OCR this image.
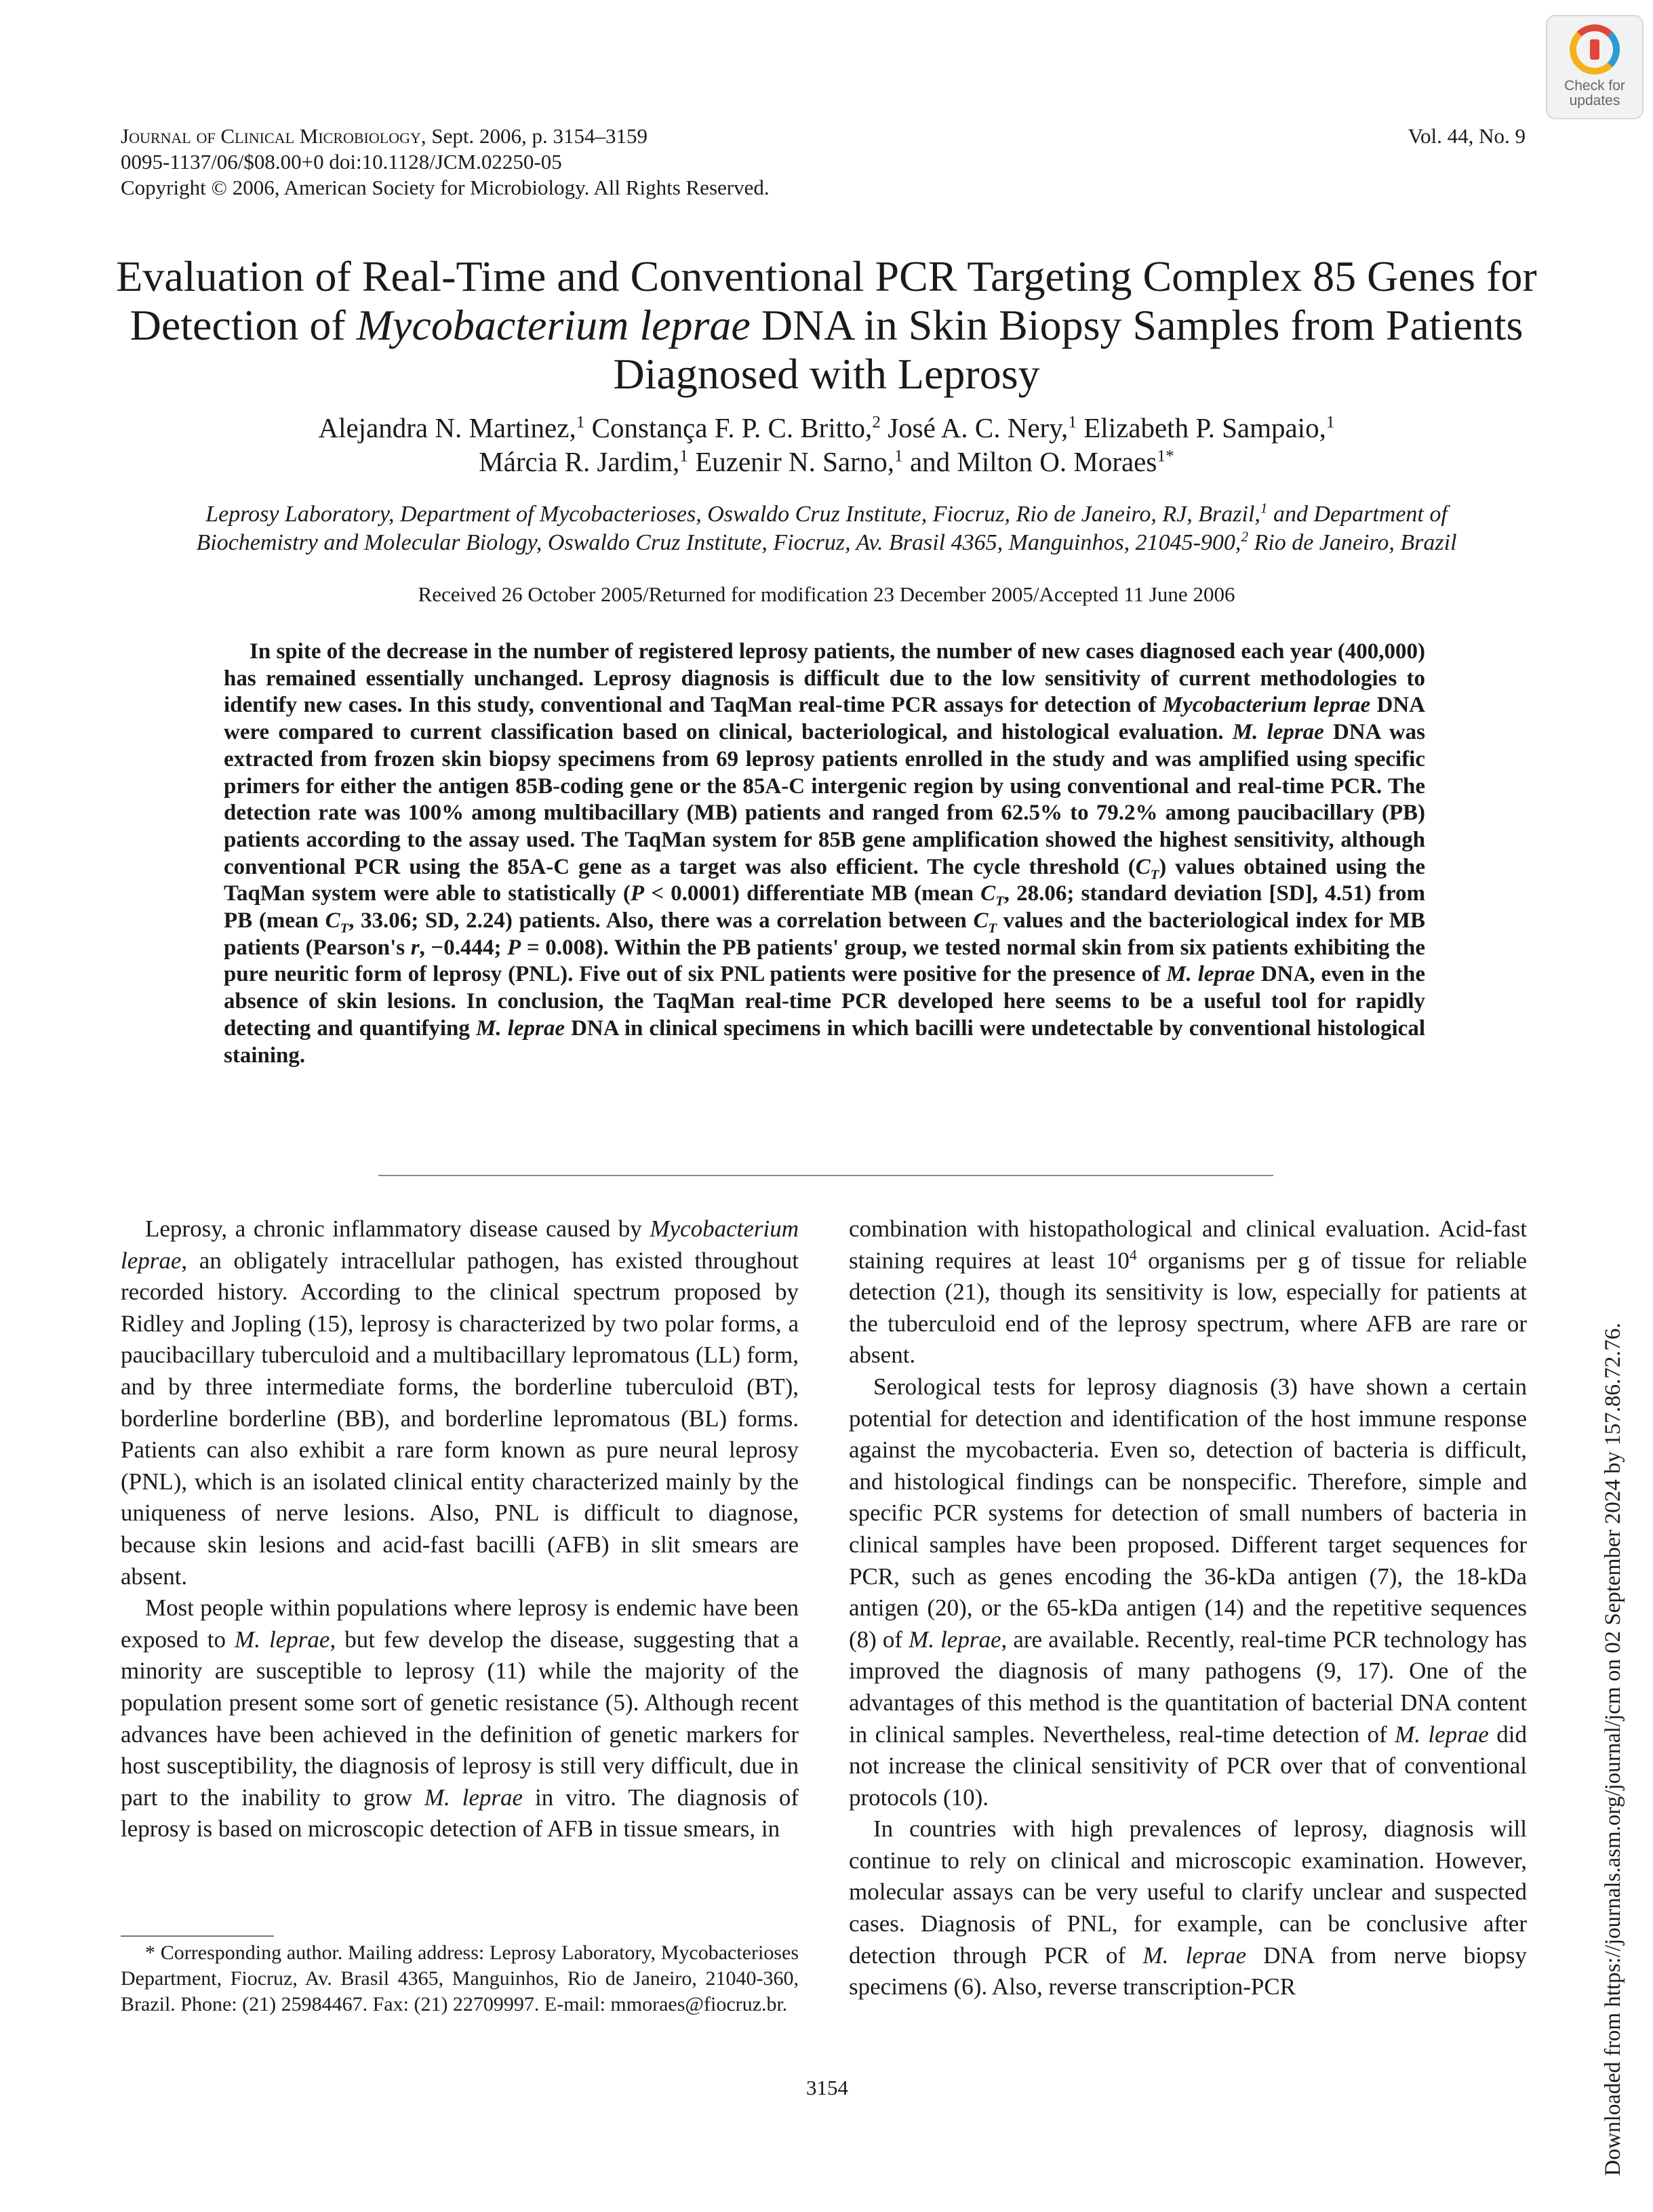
Journal of Clinical Microbiology, Sept. 2006, p. 3154–3159
0095-1137/06/$08.00+0 doi:10.1128/JCM.02250-05
Copyright © 2006, American Society for Microbiology. All Rights Reserved.
Vol. 44, No. 9
Check for
updates
Evaluation of Real-Time and Conventional PCR Targeting Complex 85 Genes for Detection of Mycobacterium leprae DNA in Skin Biopsy Samples from Patients Diagnosed with Leprosy
Alejandra N. Martinez,$^1$ Constança F. P. C. Britto,$^2$ José A. C. Nery,$^1$ Elizabeth P. Sampaio,$^1$
Márcia R. Jardim,$^1$ Euzenir N. Sarno,$^1$ and Milton O. Moraes$^{1*}$
Leprosy Laboratory, Department of Mycobacterioses, Oswaldo Cruz Institute, Fiocruz, Rio de Janeiro, RJ, Brazil,$^1$ and Department of
Biochemistry and Molecular Biology, Oswaldo Cruz Institute, Fiocruz, Av. Brasil 4365, Manguinhos, 21045-900,$^2$ Rio de Janeiro, Brazil
Received 26 October 2005/Returned for modification 23 December 2005/Accepted 11 June 2006
In spite of the decrease in the number of registered leprosy patients, the number of new cases diagnosed each year (400,000) has remained essentially unchanged. Leprosy diagnosis is difficult due to the low sensitivity of current methodologies to identify new cases. In this study, conventional and TaqMan real-time PCR assays for detection of Mycobacterium leprae DNA were compared to current classification based on clinical, bacteriological, and histological evaluation. M. leprae DNA was extracted from frozen skin biopsy specimens from 69 leprosy patients enrolled in the study and was amplified using specific primers for either the antigen 85B-coding gene or the 85A-C intergenic region by using conventional and real-time PCR. The detection rate was 100% among multibacillary (MB) patients and ranged from 62.5% to 79.2% among paucibacillary (PB) patients according to the assay used. The TaqMan system for 85B gene amplification showed the highest sensitivity, although conventional PCR using the 85A-C gene as a target was also efficient. The cycle threshold $(C_T)$ values obtained using the TaqMan system were able to statistically (P < 0.0001) differentiate MB (mean $C_T$, 28.06; standard deviation [SD], 4.51) from PB (mean $C_T$, 33.06; SD, 2.24) patients. Also, there was a correlation between $C_T$ values and the bacteriological index for MB patients (Pearson's r, −0.444; P = 0.008). Within the PB patients' group, we tested normal skin from six patients exhibiting the pure neuritic form of leprosy (PNL). Five out of six PNL patients were positive for the presence of M. leprae DNA, even in the absence of skin lesions. In conclusion, the TaqMan real-time PCR developed here seems to be a useful tool for rapidly detecting and quantifying M. leprae DNA in clinical specimens in which bacilli were undetectable by conventional histological staining.

Leprosy, a chronic inflammatory disease caused by Mycobacterium leprae, an obligately intracellular pathogen, has existed throughout recorded history. According to the clinical spectrum proposed by Ridley and Jopling (15), leprosy is characterized by two polar forms, a paucibacillary tuberculoid and a multibacillary lepromatous (LL) form, and by three intermediate forms, the borderline tuberculoid (BT), borderline borderline (BB), and borderline lepromatous (BL) forms. Patients can also exhibit a rare form known as pure neural leprosy (PNL), which is an isolated clinical entity characterized mainly by the uniqueness of nerve lesions. Also, PNL is difficult to diagnose, because skin lesions and acid-fast bacilli (AFB) in slit smears are absent.

Most people within populations where leprosy is endemic have been exposed to M. leprae, but few develop the disease, suggesting that a minority are susceptible to leprosy (11) while the majority of the population present some sort of genetic resistance (5). Although recent advances have been achieved in the definition of genetic markers for host susceptibility, the diagnosis of leprosy is still very difficult, due in part to the inability to grow M. leprae in vitro. The diagnosis of leprosy is based on microscopic detection of AFB in tissue smears, in

combination with histopathological and clinical evaluation. Acid-fast staining requires at least $10^4$ organisms per g of tissue for reliable detection (21), though its sensitivity is low, especially for patients at the tuberculoid end of the leprosy spectrum, where AFB are rare or absent.

Serological tests for leprosy diagnosis (3) have shown a certain potential for detection and identification of the host immune response against the mycobacteria. Even so, detection of bacteria is difficult, and histological findings can be nonspecific. Therefore, simple and specific PCR systems for detection of small numbers of bacteria in clinical samples have been proposed. Different target sequences for PCR, such as genes encoding the 36-kDa antigen (7), the 18-kDa antigen (20), or the 65-kDa antigen (14) and the repetitive sequences (8) of M. leprae, are available. Recently, real-time PCR technology has improved the diagnosis of many pathogens (9, 17). One of the advantages of this method is the quantitation of bacterial DNA content in clinical samples. Nevertheless, real-time detection of M. leprae did not increase the clinical sensitivity of PCR over that of conventional protocols (10).

In countries with high prevalences of leprosy, diagnosis will continue to rely on clinical and microscopic examination. However, molecular assays can be very useful to clarify unclear and suspected cases. Diagnosis of PNL, for example, can be conclusive after detection through PCR of M. leprae DNA from nerve biopsy specimens (6). Also, reverse transcription-PCR

* Corresponding author. Mailing address: Leprosy Laboratory, Mycobacterioses Department, Fiocruz, Av. Brasil 4365, Manguinhos, Rio de Janeiro, 21040-360, Brazil. Phone: (21) 25984467. Fax: (21) 22709997. E-mail: mmoraes@fiocruz.br.
3154	Downloaded from https://journals.asm.org/journal/jcm on 02 September 2024 by 157.86.72.76.
